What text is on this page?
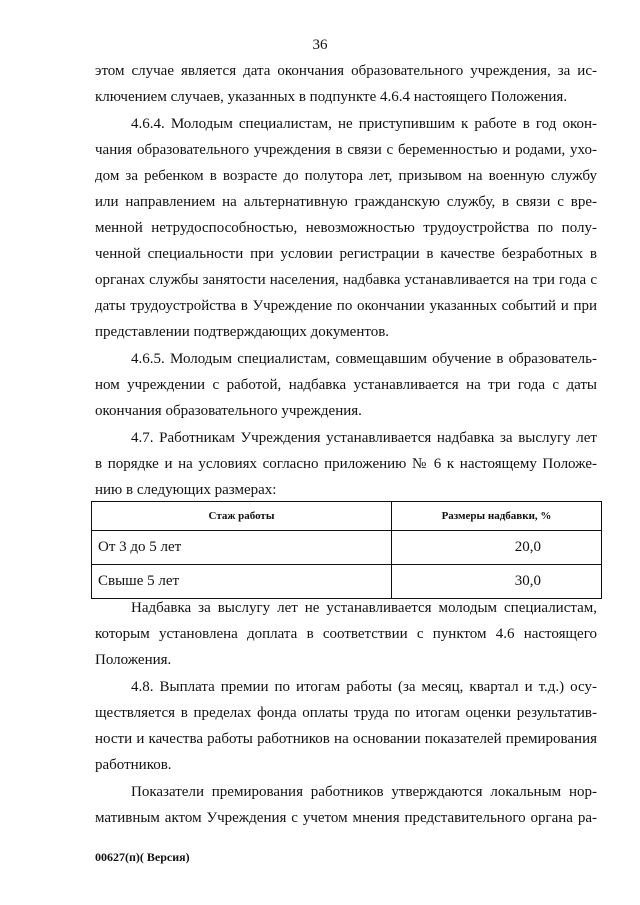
36
этом случае является дата окончания образовательного учреждения, за ис-
ключением случаев, указанных в подпункте 4.6.4 настоящего Положения.
4.6.4. Молодым специалистам, не приступившим к работе в год окон-
чания образовательного учреждения в связи с беременностью и родами, ухо-
дом за ребенком в возрасте до полутора лет, призывом на военную службу
или направлением на альтернативную гражданскую службу, в связи с вре-
менной нетрудоспособностью, невозможностью трудоустройства по полу-
ченной специальности при условии регистрации в качестве безработных в
органах службы занятости населения, надбавка устанавливается на три года с
даты трудоустройства в Учреждение по окончании указанных событий и при
представлении подтверждающих документов.
4.6.5. Молодым специалистам, совмещавшим обучение в образователь-
ном учреждении с работой, надбавка устанавливается на три года с даты
окончания образовательного учреждения.
4.7. Работникам Учреждения устанавливается надбавка за выслугу лет
в порядке и на условиях согласно приложению № 6 к настоящему Положе-
нию в следующих размерах:
Стаж работы	Размеры надбавки, %
От 3 до 5 лет	20,0
Свыше 5 лет	30,0
Надбавка за выслугу лет не устанавливается молодым специалистам,
которым установлена доплата в соответствии с пунктом 4.6 настоящего
Положения.
4.8. Выплата премии по итогам работы (за месяц, квартал и т.д.) осу-
ществляется в пределах фонда оплаты труда по итогам оценки результатив-
ности и качества работы работников на основании показателей премирования
работников.
Показатели премирования работников утверждаются локальным нор-
мативным актом Учреждения с учетом мнения представительного органа ра-
00627(п)( Версия)
